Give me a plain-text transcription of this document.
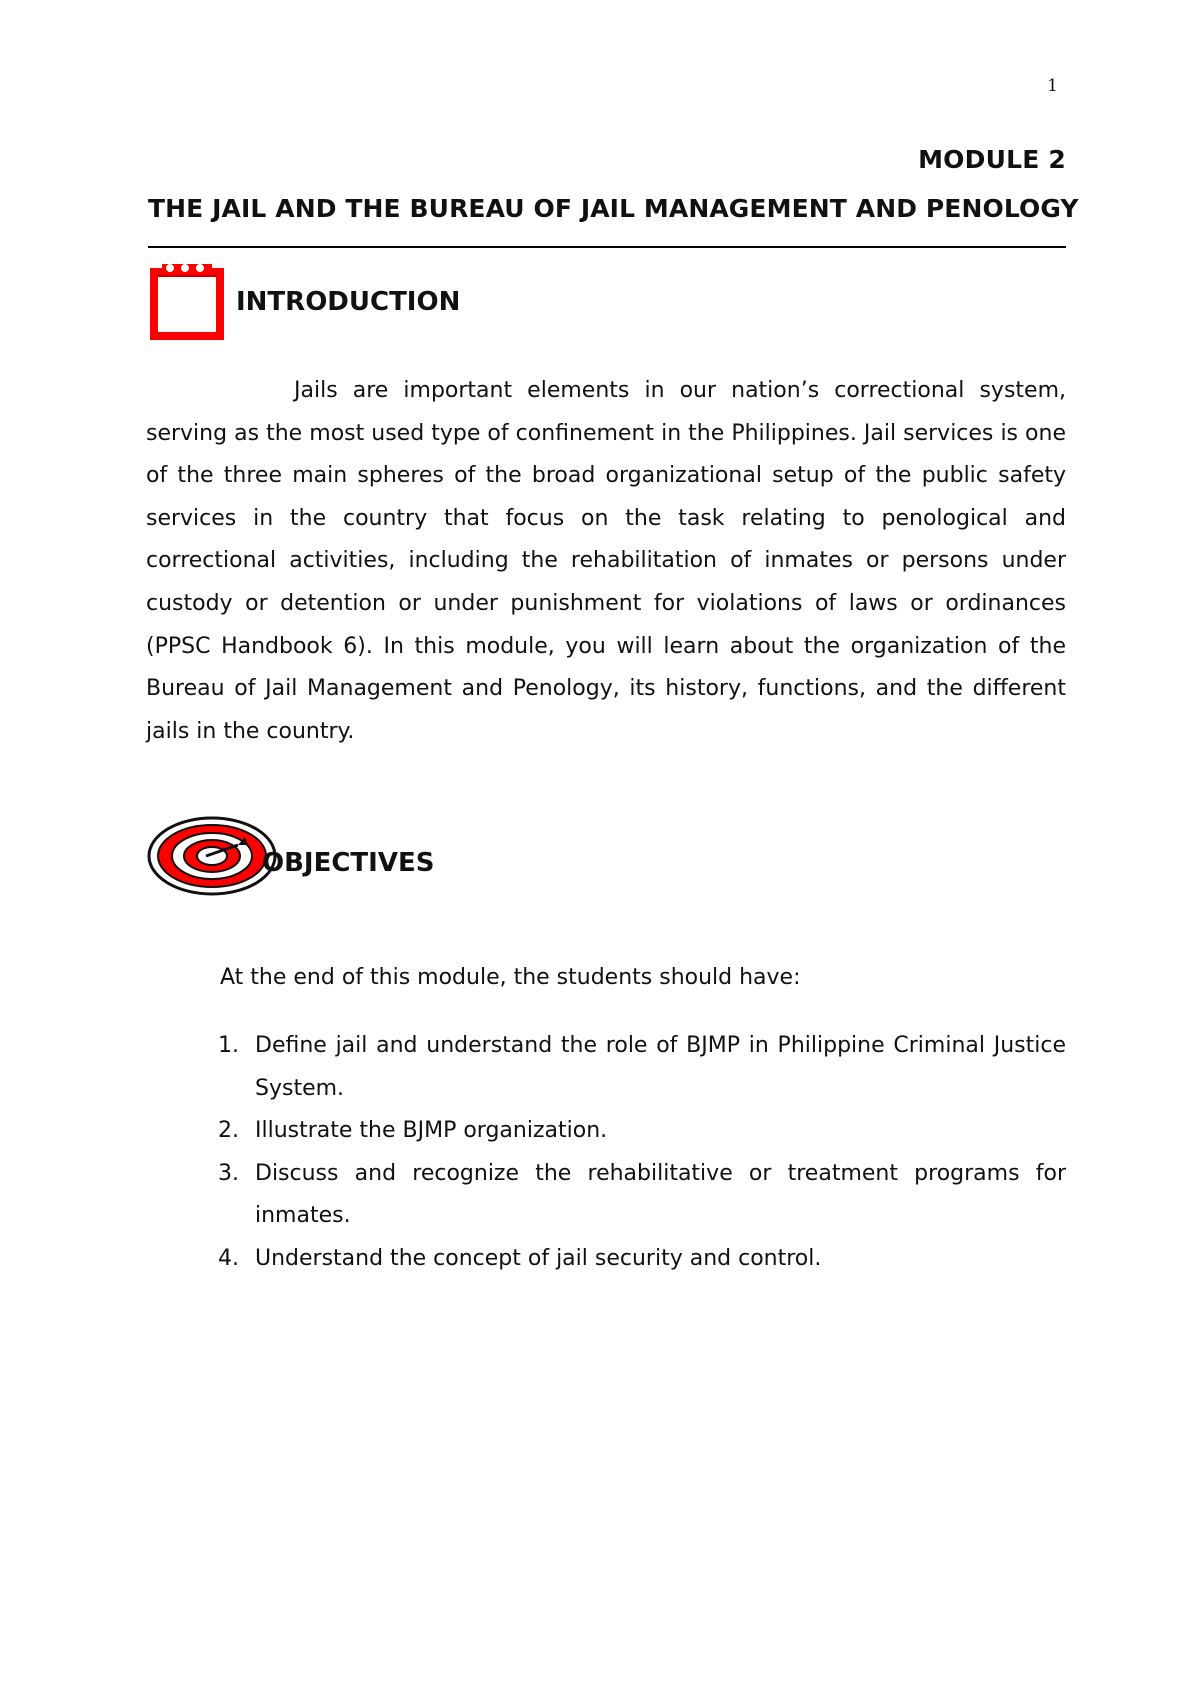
1
MODULE 2
THE JAIL AND THE BUREAU OF JAIL MANAGEMENT AND PENOLOGY
INTRODUCTION
Jails are important elements in our nation’s correctional system, serving as the most used type of confinement in the Philippines. Jail services is one of the three main spheres of the broad organizational setup of the public safety services in the country that focus on the task relating to penological and correctional activities, including the rehabilitation of inmates or persons under custody or detention or under punishment for violations of laws or ordinances (PPSC Handbook 6). In this module, you will learn about the organization of the Bureau of Jail Management and Penology, its history, functions, and the different jails in the country.
OBJECTIVES
At the end of this module, the students should have:
1. Define jail and understand the role of BJMP in Philippine Criminal Justice System.
2. Illustrate the BJMP organization.
3. Discuss and recognize the rehabilitative or treatment programs for inmates.
4. Understand the concept of jail security and control.
